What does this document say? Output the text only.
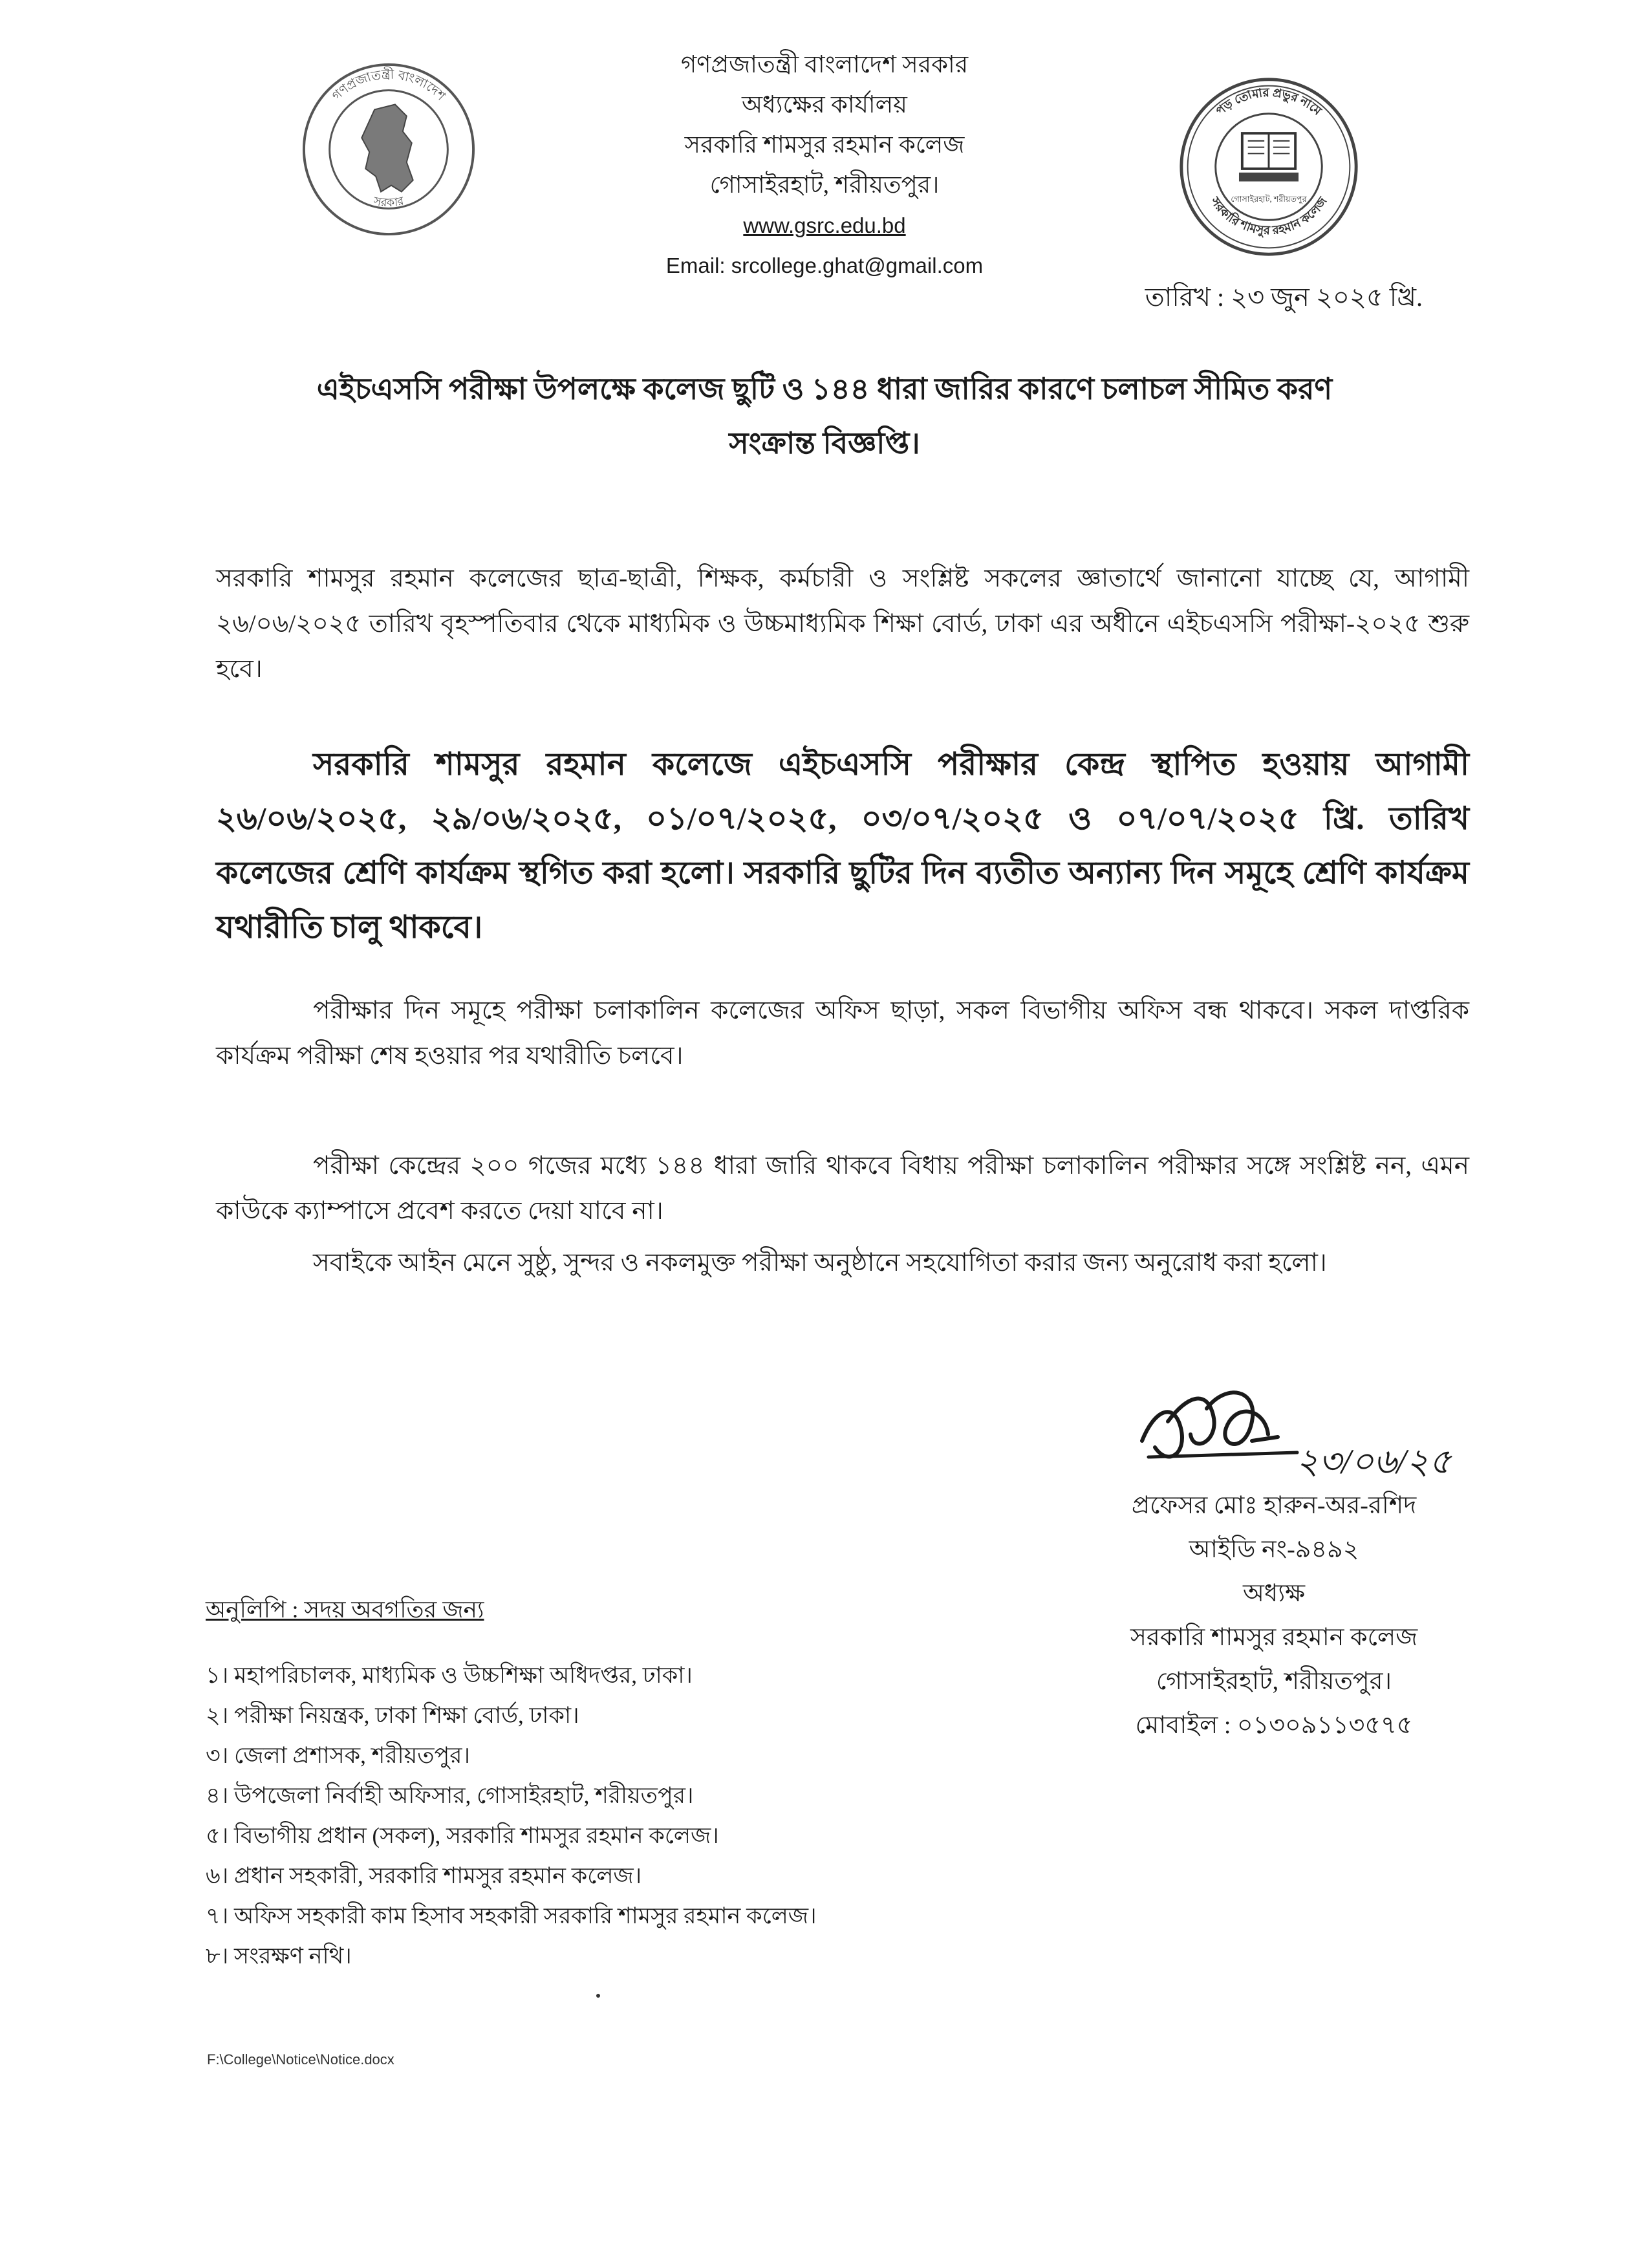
গণপ্রজাতন্ত্রী বাংলাদেশ
সরকার
গণপ্রজাতন্ত্রী বাংলাদেশ সরকার
অধ্যক্ষের কার্যালয়
সরকারি শামসুর রহমান কলেজ
গোসাইরহাট, শরীয়তপুর।
www.gsrc.edu.bd
Email: srcollege.ghat@gmail.com
পড় তোমার প্রভুর নামে
সরকারি শামসুর রহমান কলেজ
গোসাইরহাট, শরীয়তপুর
তারিখ : ২৩ জুন ২০২৫ খ্রি.
এইচএসসি পরীক্ষা উপলক্ষে কলেজ ছুটি ও ১৪৪ ধারা জারির কারণে চলাচল সীমিত করণ
সংক্রান্ত বিজ্ঞপ্তি।
সরকারি শামসুর রহমান কলেজের ছাত্র-ছাত্রী, শিক্ষক, কর্মচারী ও সংশ্লিষ্ট সকলের জ্ঞাতার্থে জানানো যাচ্ছে যে, আগামী ২৬/০৬/২০২৫ তারিখ বৃহস্পতিবার থেকে মাধ্যমিক ও উচ্চমাধ্যমিক শিক্ষা বোর্ড, ঢাকা এর অধীনে এইচএসসি পরীক্ষা-২০২৫ শুরু হবে।
সরকারি শামসুর রহমান কলেজে এইচএসসি পরীক্ষার কেন্দ্র স্থাপিত হওয়ায় আগামী ২৬/০৬/২০২৫, ২৯/০৬/২০২৫, ০১/০৭/২০২৫, ০৩/০৭/২০২৫ ও ০৭/০৭/২০২৫ খ্রি. তারিখ কলেজের শ্রেণি কার্যক্রম স্থগিত করা হলো। সরকারি ছুটির দিন ব্যতীত অন্যান্য দিন সমূহে শ্রেণি কার্যক্রম যথারীতি চালু থাকবে।
পরীক্ষার দিন সমূহে পরীক্ষা চলাকালিন কলেজের অফিস ছাড়া, সকল বিভাগীয় অফিস বন্ধ থাকবে। সকল দাপ্তরিক কার্যক্রম পরীক্ষা শেষ হওয়ার পর যথারীতি চলবে।
পরীক্ষা কেন্দ্রের ২০০ গজের মধ্যে ১৪৪ ধারা জারি থাকবে বিধায় পরীক্ষা চলাকালিন পরীক্ষার সঙ্গে সংশ্লিষ্ট নন, এমন কাউকে ক্যাম্পাসে প্রবেশ করতে দেয়া যাবে না।
সবাইকে আইন মেনে সুষ্ঠু, সুন্দর ও নকলমুক্ত পরীক্ষা অনুষ্ঠানে সহযোগিতা করার জন্য অনুরোধ করা হলো।
২৩/০৬/২৫
প্রফেসর মোঃ হারুন-অর-রশিদ
আইডি নং-৯৪৯২
অধ্যক্ষ
সরকারি শামসুর রহমান কলেজ
গোসাইরহাট, শরীয়তপুর।
মোবাইল : ০১৩০৯১১৩৫৭৫
অনুলিপি : সদয় অবগতির জন্য
১। মহাপরিচালক, মাধ্যমিক ও উচ্চশিক্ষা অধিদপ্তর, ঢাকা।
২। পরীক্ষা নিয়ন্ত্রক, ঢাকা শিক্ষা বোর্ড, ঢাকা।
৩। জেলা প্রশাসক, শরীয়তপুর।
৪। উপজেলা নির্বাহী অফিসার, গোসাইরহাট, শরীয়তপুর।
৫। বিভাগীয় প্রধান (সকল), সরকারি শামসুর রহমান কলেজ।
৬। প্রধান সহকারী, সরকারি শামসুর রহমান কলেজ।
৭। অফিস সহকারী কাম হিসাব সহকারী সরকারি শামসুর রহমান কলেজ।
৮। সংরক্ষণ নথি।
F:\College\Notice\Notice.docx
